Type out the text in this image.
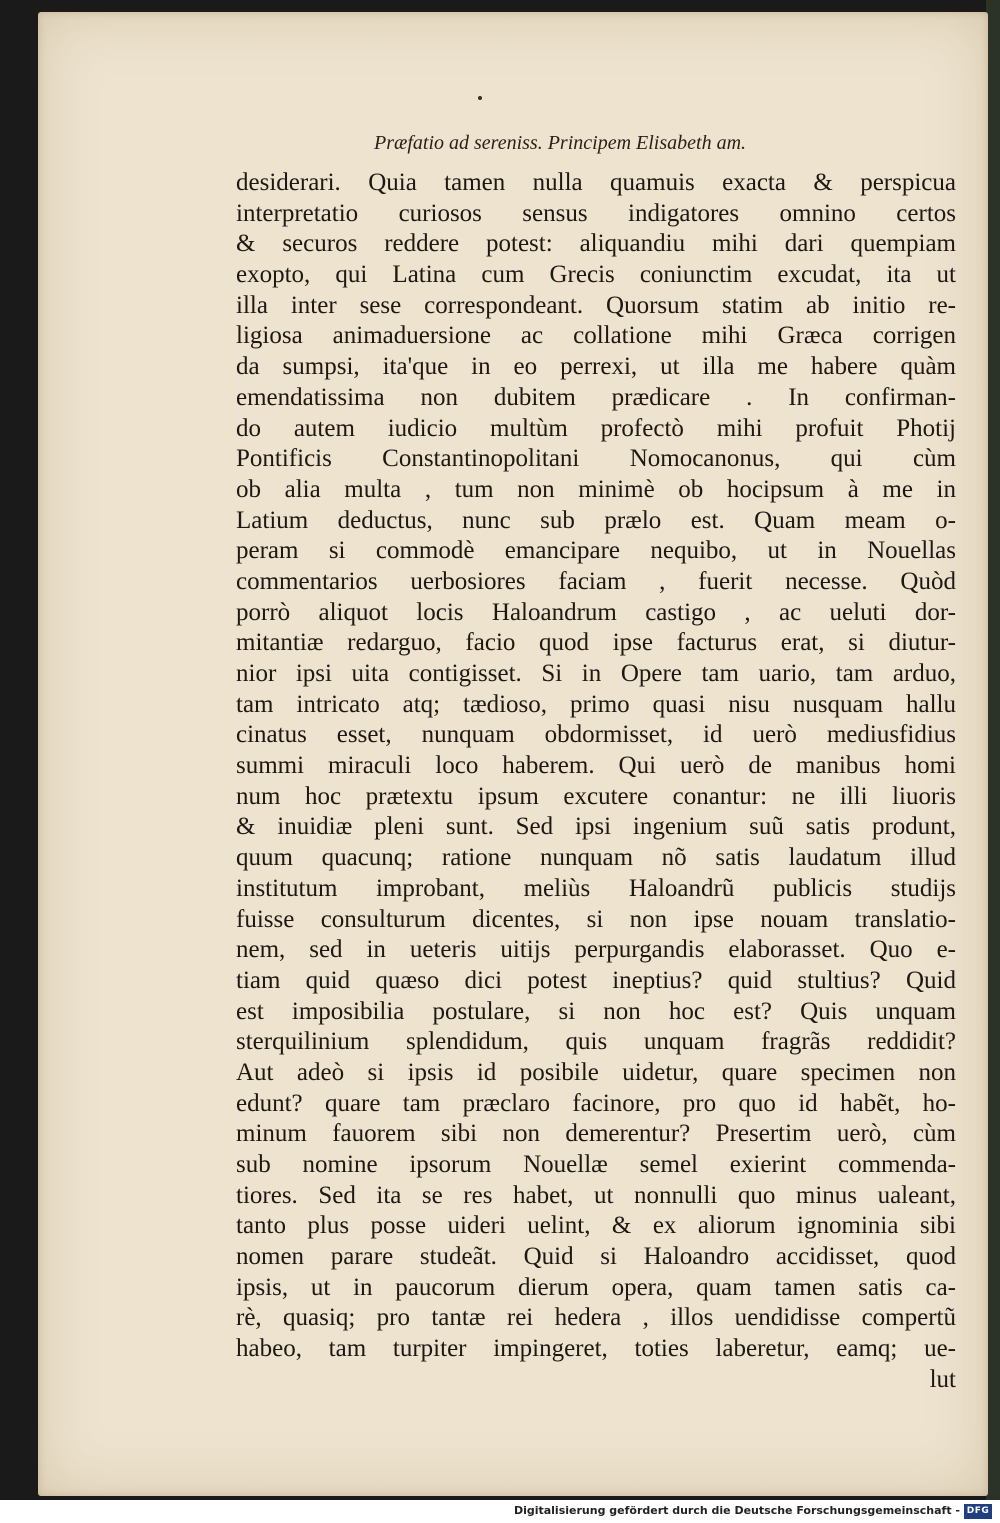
Præfatio ad sereniss. Principem Elisabeth am.
desiderari. Quia tamen nulla quamuis exacta & perspicua
interpretatio curiosos sensus indigatores omnino certos
& securos reddere potest: aliquandiu mihi dari quempiam
exopto, qui Latina cum Grecis coniunctim excudat, ita ut
illa inter sese correspondeant. Quorsum statim ab initio re-
ligiosa animaduersione ac collatione mihi Græca corrigen
da sumpsi, ita'que in eo perrexi, ut illa me habere quàm
emendatissima non dubitem prædicare . In confirman-
do autem iudicio multùm profectò mihi profuit Photij
Pontificis Constantinopolitani Nomocanonus, qui cùm
ob alia multa , tum non minimè ob hocipsum à me in
Latium deductus, nunc sub prælo est. Quam meam o-
peram si commodè emancipare nequibo, ut in Nouellas
commentarios uerbosiores faciam , fuerit necesse. Quòd
porrò aliquot locis Haloandrum castigo , ac ueluti dor-
mitantiæ redarguo, facio quod ipse facturus erat, si diutur-
nior ipsi uita contigisset. Si in Opere tam uario, tam arduo,
tam intricato atq; tædioso, primo quasi nisu nusquam hallu
cinatus esset, nunquam obdormisset, id uerò mediusfidius
summi miraculi loco haberem. Qui uerò de manibus homi
num hoc prætextu ipsum excutere conantur: ne illi liuoris
& inuidiæ pleni sunt. Sed ipsi ingenium suũ satis produnt,
quum quacunq; ratione nunquam nõ satis laudatum illud
institutum improbant, meliùs Haloandrũ publicis studijs
fuisse consulturum dicentes, si non ipse nouam translatio-
nem, sed in ueteris uitijs perpurgandis elaborasset. Quo e-
tiam quid quæso dici potest ineptius? quid stultius? Quid
est imposibilia postulare, si non hoc est? Quis unquam
sterquilinium splendidum, quis unquam fragrãs reddidit?
Aut adeò si ipsis id posibile uidetur, quare specimen non
edunt? quare tam præclaro facinore, pro quo id habẽt, ho-
minum fauorem sibi non demerentur? Presertim uerò, cùm
sub nomine ipsorum Nouellæ semel exierint commenda-
tiores. Sed ita se res habet, ut nonnulli quo minus ualeant,
tanto plus posse uideri uelint, & ex aliorum ignominia sibi
nomen parare studeãt. Quid si Haloandro accidisset, quod
ipsis, ut in paucorum dierum opera, quam tamen satis ca-
rè, quasiq; pro tantæ rei hedera , illos uendidisse compertũ
habeo, tam turpiter impingeret, toties laberetur, eamq; ue-
lut
Digitalisierung gefördert durch die Deutsche Forschungsgemeinschaft - DFG
